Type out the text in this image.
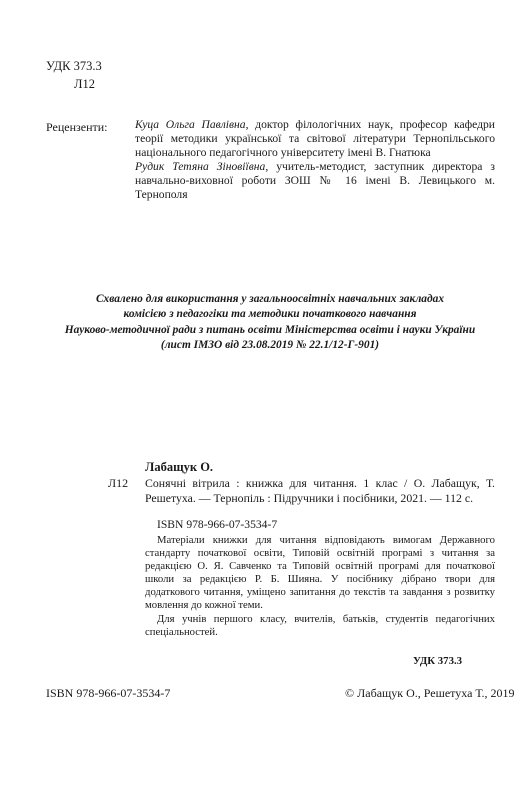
УДК 373.3
Л12
Рецензенти: Куца Ольга Павлівна, доктор філологічних наук, професор кафедри теорії методики української та світової літератури Тернопільського національного педагогічного університету імені В. Гнатюка
Рудик Тетяна Зіновіївна, учитель-методист, заступник директора з навчально-виховної роботи ЗОШ № 16 імені В. Левицького м. Тернополя
Схвалено для використання у загальноосвітніх навчальних закладах
комісією з педагогіки та методики початкового навчання
Науково-методичної ради з питань освіти Міністерства освіти і науки України
(лист ІМЗО від 23.08.2019 № 22.1/12-Г-901)
Лабащук О.
Л12 Сонячні вітрила : книжка для читання. 1 клас / О. Лабащук, Т. Решетуха. — Тернопіль : Підручники і посібники, 2021. — 112 с.
ISBN 978-966-07-3534-7

Матеріали книжки для читання відповідають вимогам Державного стандарту початкової освіти, Типовій освітній програмі з читання за редакцією О. Я. Савченко та Типовій освітній програмі для початкової школи за редакцією Р. Б. Шияна. У посібнику дібрано твори для додаткового читання, уміщено запитання до текстів та завдання з розвитку мовлення до кожної теми.

Для учнів першого класу, вчителів, батьків, студентів педагогічних спеціальностей.

УДК 373.3
ISBN 978-966-07-3534-7	© Лабащук О., Решетуха Т., 2019
